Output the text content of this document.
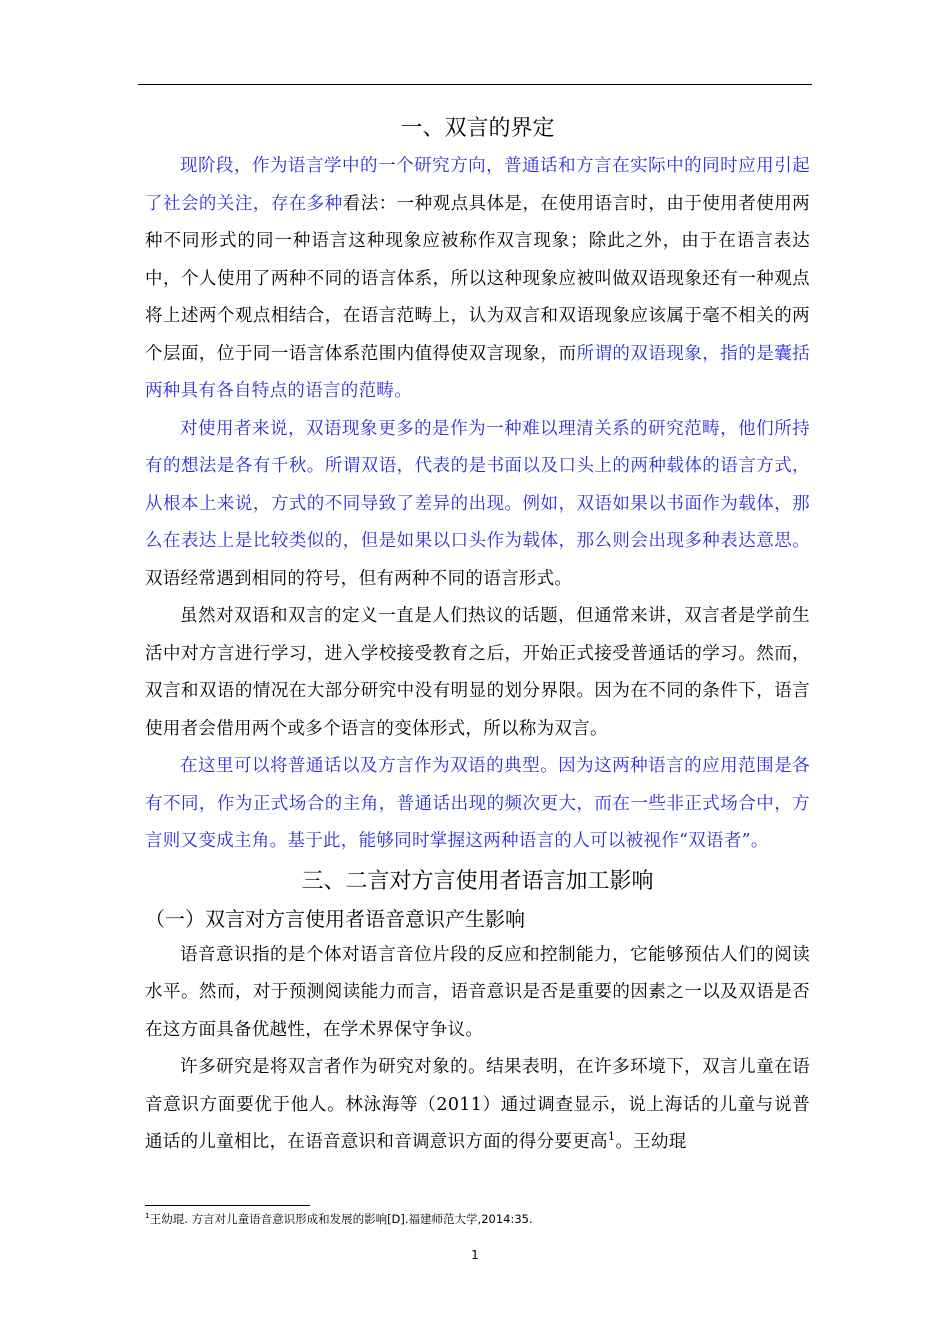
一、双言的界定

现阶段，作为语言学中的一个研究方向，普通话和方言在实际中的同时应用引起了社会的关注，存在多种看法：一种观点具体是，在使用语言时，由于使用者使用两种不同形式的同一种语言这种现象应被称作双言现象；除此之外，由于在语言表达中，个人使用了两种不同的语言体系，所以这种现象应被叫做双语现象还有一种观点将上述两个观点相结合，在语言范畴上，认为双言和双语现象应该属于毫不相关的两个层面，位于同一语言体系范围内值得使双言现象，而所谓的双语现象，指的是囊括两种具有各自特点的语言的范畴。

对使用者来说，双语现象更多的是作为一种难以理清关系的研究范畴，他们所持有的想法是各有千秋。所谓双语，代表的是书面以及口头上的两种载体的语言方式，从根本上来说，方式的不同导致了差异的出现。例如，双语如果以书面作为载体，那么在表达上是比较类似的，但是如果以口头作为载体，那么则会出现多种表达意思。双语经常遇到相同的符号，但有两种不同的语言形式。

虽然对双语和双言的定义一直是人们热议的话题，但通常来讲，双言者是学前生活中对方言进行学习，进入学校接受教育之后，开始正式接受普通话的学习。然而，双言和双语的情况在大部分研究中没有明显的划分界限。因为在不同的条件下，语言使用者会借用两个或多个语言的变体形式，所以称为双言。

在这里可以将普通话以及方言作为双语的典型。因为这两种语言的应用范围是各有不同，作为正式场合的主角，普通话出现的频次更大，而在一些非正式场合中，方言则又变成主角。基于此，能够同时掌握这两种语言的人可以被视作“双语者”。

三、二言对方言使用者语言加工影响
（一）双言对方言使用者语音意识产生影响

语音意识指的是个体对语言音位片段的反应和控制能力，它能够预估人们的阅读水平。然而，对于预测阅读能力而言，语音意识是否是重要的因素之一以及双语是否在这方面具备优越性，在学术界保守争议。

许多研究是将双言者作为研究对象的。结果表明，在许多环境下，双言儿童在语音意识方面要优于他人。林泳海等（2011）通过调查显示，说上海话的儿童与说普通话的儿童相比，在语音意识和音调意识方面的得分要更高$^1$。王幼琨

$^1$王幼琨. 方言对儿童语音意识形成和发展的影响[D].福建师范大学,2014:35.
1
